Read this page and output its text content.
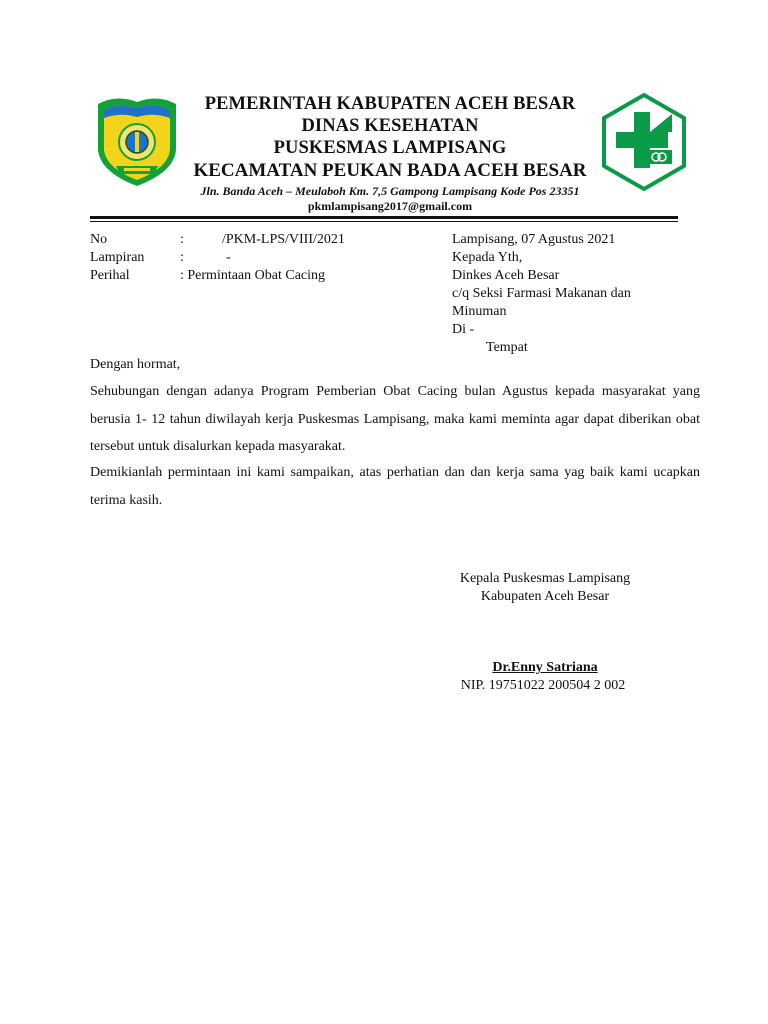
PEMERINTAH KABUPATEN ACEH BESAR
DINAS KESEHATAN
PUSKESMAS LAMPISANG
KECAMATAN PEUKAN BADA ACEH BESAR
Jln. Banda Aceh – Meulaboh Km. 7,5 Gampong Lampisang Kode Pos 23351
pkmlampisang2017@gmail.com
No	:	/PKM-LPS/VIII/2021
Lampiran	:	-
Perihal	: Permintaan Obat Cacing
Lampisang, 07 Agustus 2021
Kepada Yth,
Dinkes Aceh Besar
c/q Seksi Farmasi Makanan dan
Minuman
Di -
Tempat
Dengan hormat,
Sehubungan dengan adanya Program Pemberian Obat Cacing bulan Agustus kepada masyarakat yang berusia 1- 12 tahun diwilayah kerja Puskesmas Lampisang, maka kami meminta agar dapat diberikan obat tersebut untuk disalurkan kepada masyarakat.
Demikianlah permintaan ini kami sampaikan, atas perhatian dan dan kerja sama yag baik kami ucapkan terima kasih.
Kepala Puskesmas Lampisang
Kabupaten Aceh Besar
Dr.Enny Satriana
NIP. 19751022 200504 2 002
